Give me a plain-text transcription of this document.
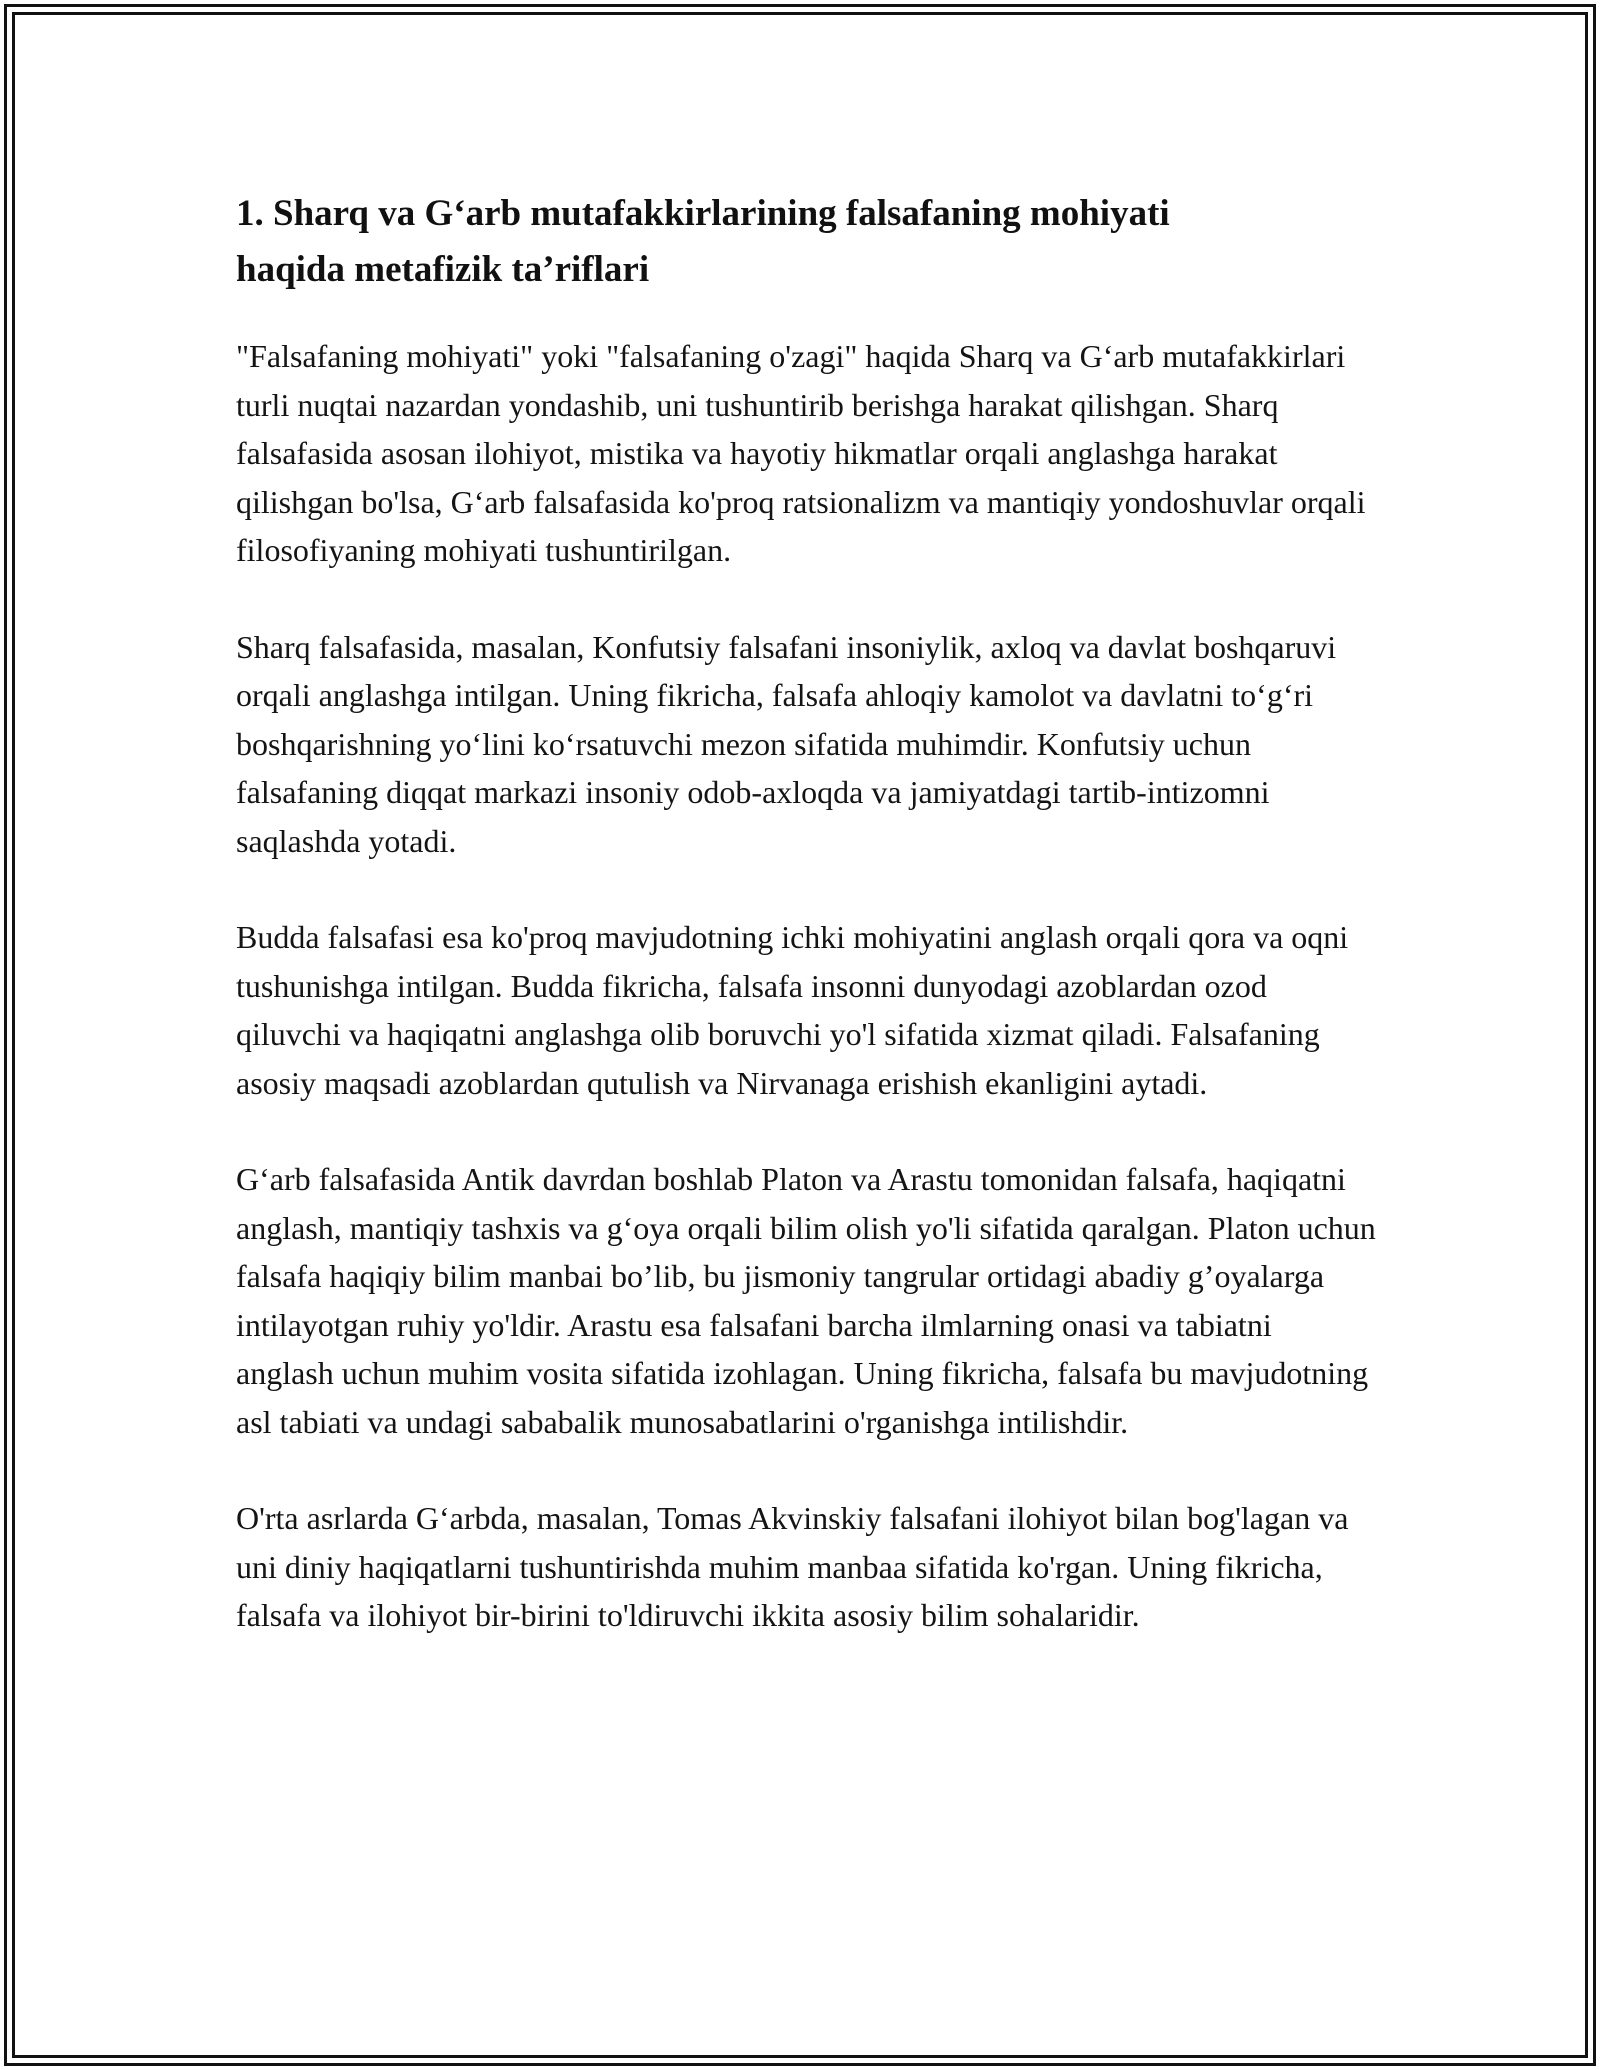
1. Sharq va G‘arb mutafakkirlarining falsafaning mohiyati
haqida metafizik ta’riflari

"Falsafaning mohiyati" yoki "falsafaning o'zagi" haqida Sharq va G‘arb mutafakkirlari turli nuqtai nazardan yondashib, uni tushuntirib berishga harakat qilishgan. Sharq falsafasida asosan ilohiyot, mistika va hayotiy hikmatlar orqali anglashga harakat qilishgan bo'lsa, G‘arb falsafasida ko'proq ratsionalizm va mantiqiy yondoshuvlar orqali filosofiyaning mohiyati tushuntirilgan.

Sharq falsafasida, masalan, Konfutsiy falsafani insoniylik, axloq va davlat boshqaruvi orqali anglashga intilgan. Uning fikricha, falsafa ahloqiy kamolot va davlatni to‘g‘ri boshqarishning yo‘lini ko‘rsatuvchi mezon sifatida muhimdir. Konfutsiy uchun falsafaning diqqat markazi insoniy odob-axloqda va jamiyatdagi tartib-intizomni saqlashda yotadi.

Budda falsafasi esa ko'proq mavjudotning ichki mohiyatini anglash orqali qora va oqni tushunishga intilgan. Budda fikricha, falsafa insonni dunyodagi azoblardan ozod qiluvchi va haqiqatni anglashga olib boruvchi yo'l sifatida xizmat qiladi. Falsafaning asosiy maqsadi azoblardan qutulish va Nirvanaga erishish ekanligini aytadi.

G‘arb falsafasida Antik davrdan boshlab Platon va Arastu tomonidan falsafa, haqiqatni anglash, mantiqiy tashxis va g‘oya orqali bilim olish yo'li sifatida qaralgan. Platon uchun falsafa haqiqiy bilim manbai bo’lib, bu jismoniy tangrular ortidagi abadiy g’oyalarga intilayotgan ruhiy yo'ldir. Arastu esa falsafani barcha ilmlarning onasi va tabiatni anglash uchun muhim vosita sifatida izohlagan. Uning fikricha, falsafa bu mavjudotning asl tabiati va undagi sababalik munosabatlarini o'rganishga intilishdir.

O'rta asrlarda G‘arbda, masalan, Tomas Akvinskiy falsafani ilohiyot bilan bog'lagan va uni diniy haqiqatlarni tushuntirishda muhim manbaa sifatida ko'rgan. Uning fikricha, falsafa va ilohiyot bir-birini to'ldiruvchi ikkita asosiy bilim sohalaridir.
